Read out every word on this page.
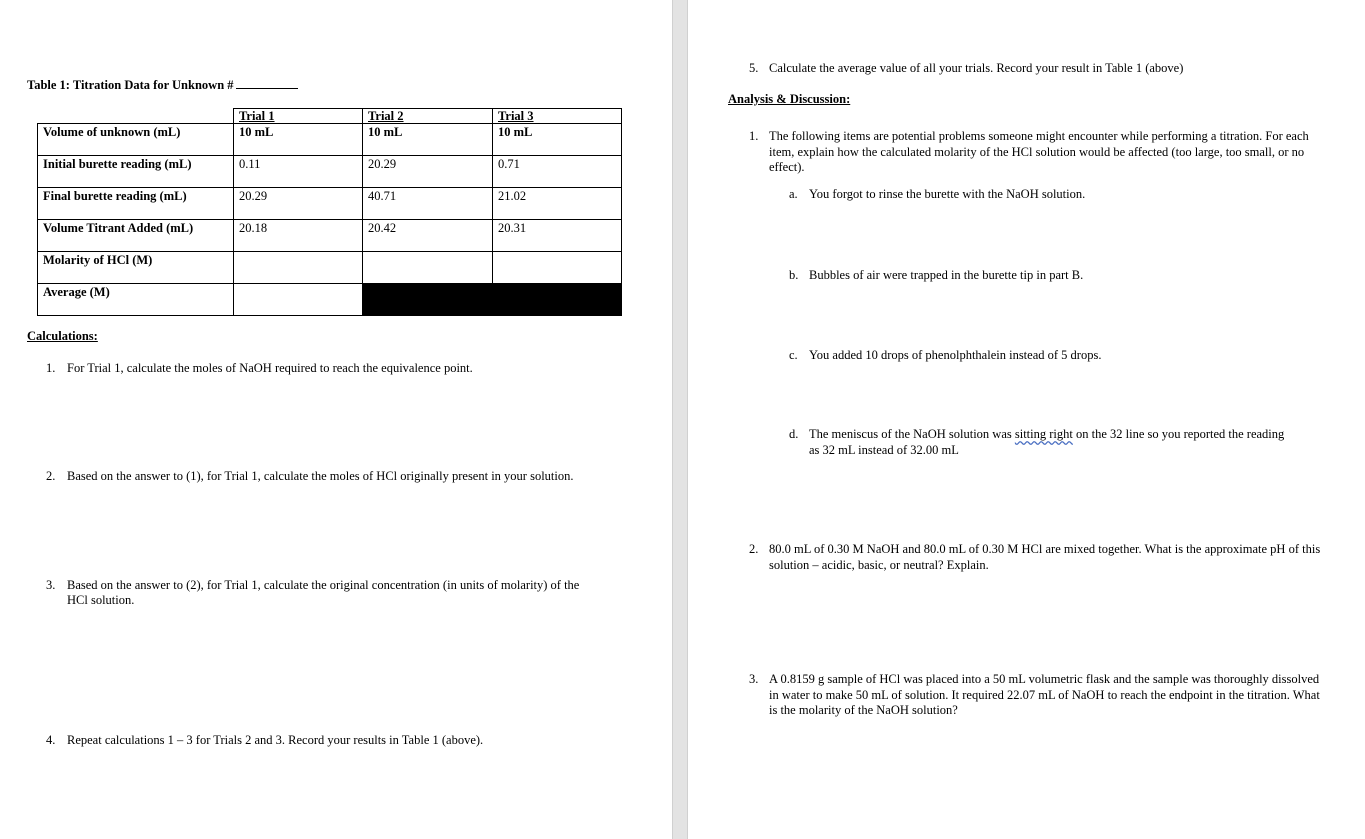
Table 1: Titration Data for Unknown #
	Trial 1	Trial 2	Trial 3
Volume of unknown (mL)	10 mL	10 mL	10 mL
Initial burette reading (mL)	0.11	20.29	0.71
Final burette reading (mL)	20.29	40.71	21.02
Volume Titrant Added (mL)	20.18	20.42	20.31
Molarity of HCl (M)			
Average (M)			
Calculations:
1. For Trial 1, calculate the moles of NaOH required to reach the equivalence point.
2. Based on the answer to (1), for Trial 1, calculate the moles of HCl originally present in your solution.
3. Based on the answer to (2), for Trial 1, calculate the original concentration (in units of molarity) of the
HCl solution.
4. Repeat calculations 1 – 3 for Trials 2 and 3. Record your results in Table 1 (above).
5. Calculate the average value of all your trials. Record your result in Table 1 (above)
Analysis & Discussion:
1. The following items are potential problems someone might encounter while performing a titration. For each item, explain how the calculated molarity of the HCl solution would be affected (too large, too small, or no effect).
a. You forgot to rinse the burette with the NaOH solution.
b. Bubbles of air were trapped in the burette tip in part B.
c. You added 10 drops of phenolphthalein instead of 5 drops.
d. The meniscus of the NaOH solution was sitting right on the 32 line so you reported the reading
as 32 mL instead of 32.00 mL
2. 80.0 mL of 0.30 M NaOH and 80.0 mL of 0.30 M HCl are mixed together. What is the approximate pH of this solution – acidic, basic, or neutral? Explain.
3. A 0.8159 g sample of HCl was placed into a 50 mL volumetric flask and the sample was thoroughly dissolved in water to make 50 mL of solution. It required 22.07 mL of NaOH to reach the endpoint in the titration. What is the molarity of the NaOH solution?
